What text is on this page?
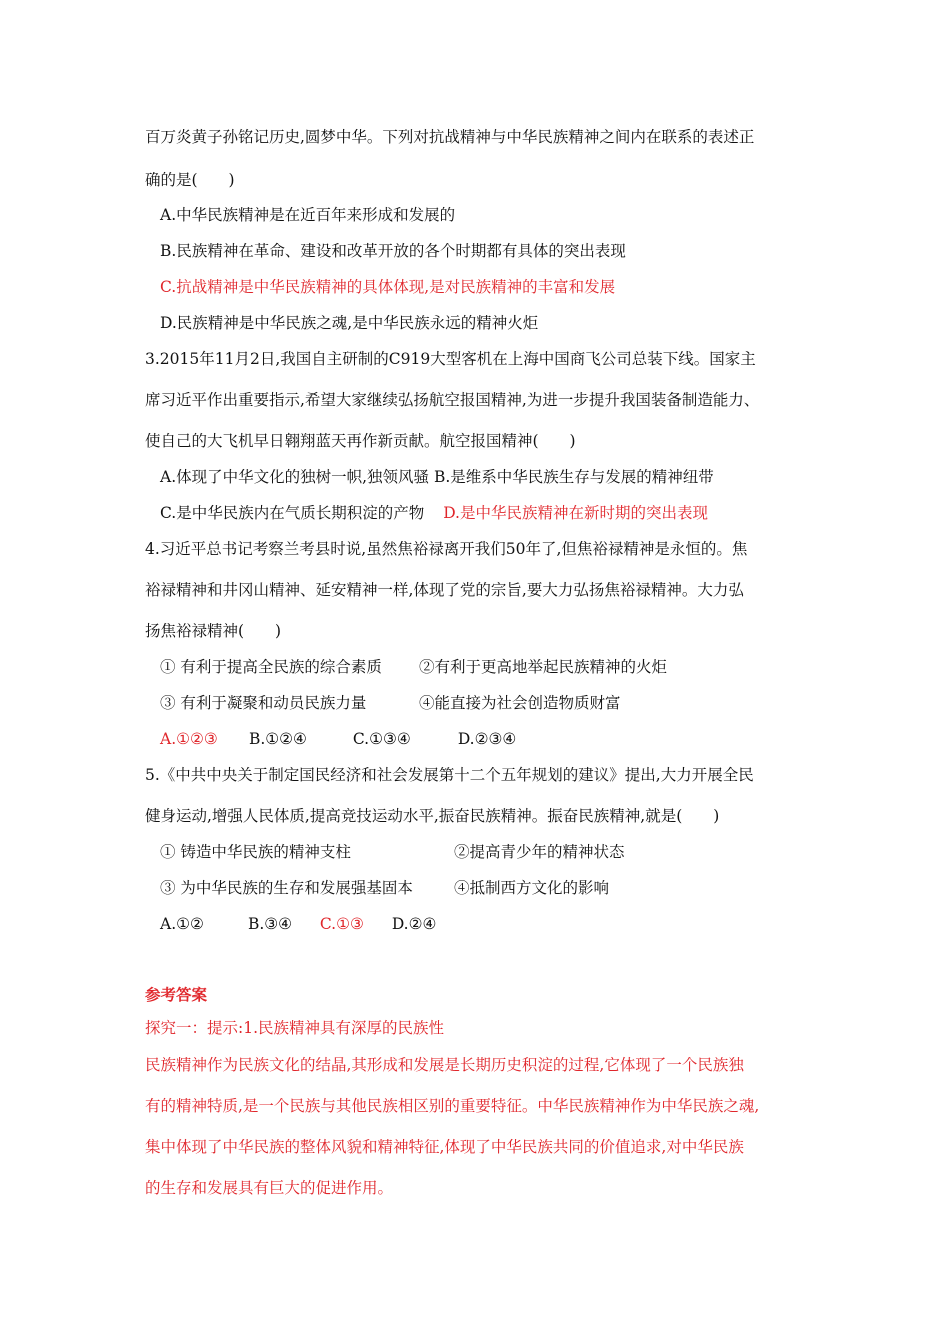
百万炎黄子孙铭记历史,圆梦中华。下列对抗战精神与中华民族精神之间内在联系的表述正
确的是(　　)
A.中华民族精神是在近百年来形成和发展的
B.民族精神在革命、建设和改革开放的各个时期都有具体的突出表现
C.抗战精神是中华民族精神的具体体现,是对民族精神的丰富和发展
D.民族精神是中华民族之魂,是中华民族永远的精神火炬
3.2015年11月2日,我国自主研制的C919大型客机在上海中国商飞公司总装下线。国家主
席习近平作出重要指示,希望大家继续弘扬航空报国精神,为进一步提升我国装备制造能力、
使自己的大飞机早日翱翔蓝天再作新贡献。航空报国精神(　　)
A.体现了中华文化的独树一帜,独领风骚 B.是维系中华民族生存与发展的精神纽带
C.是中华民族内在气质长期积淀的产物 D.是中华民族精神在新时期的突出表现
4.习近平总书记考察兰考县时说,虽然焦裕禄离开我们50年了,但焦裕禄精神是永恒的。焦
裕禄精神和井冈山精神、延安精神一样,体现了党的宗旨,要大力弘扬焦裕禄精神。大力弘
扬焦裕禄精神(　　)
① 有利于提高全民族的综合素质 ②有利于更高地举起民族精神的火炬
③ 有利于凝聚和动员民族力量	④能直接为社会创造物质财富
A.①②③ B.①②④	C.①③④	D.②③④
5.《中共中央关于制定国民经济和社会发展第十二个五年规划的建议》提出,大力开展全民
健身运动,增强人民体质,提高竞技运动水平,振奋民族精神。振奋民族精神,就是(　　)
① 铸造中华民族的精神支柱	②提高青少年的精神状态
③ 为中华民族的生存和发展强基固本	④抵制西方文化的影响
A.①②	B.③④ C.①③ D.②④
参考答案
探究一：提示:1.民族精神具有深厚的民族性
民族精神作为民族文化的结晶,其形成和发展是长期历史积淀的过程,它体现了一个民族独
有的精神特质,是一个民族与其他民族相区别的重要特征。中华民族精神作为中华民族之魂,
集中体现了中华民族的整体风貌和精神特征,体现了中华民族共同的价值追求,对中华民族
的生存和发展具有巨大的促进作用。
